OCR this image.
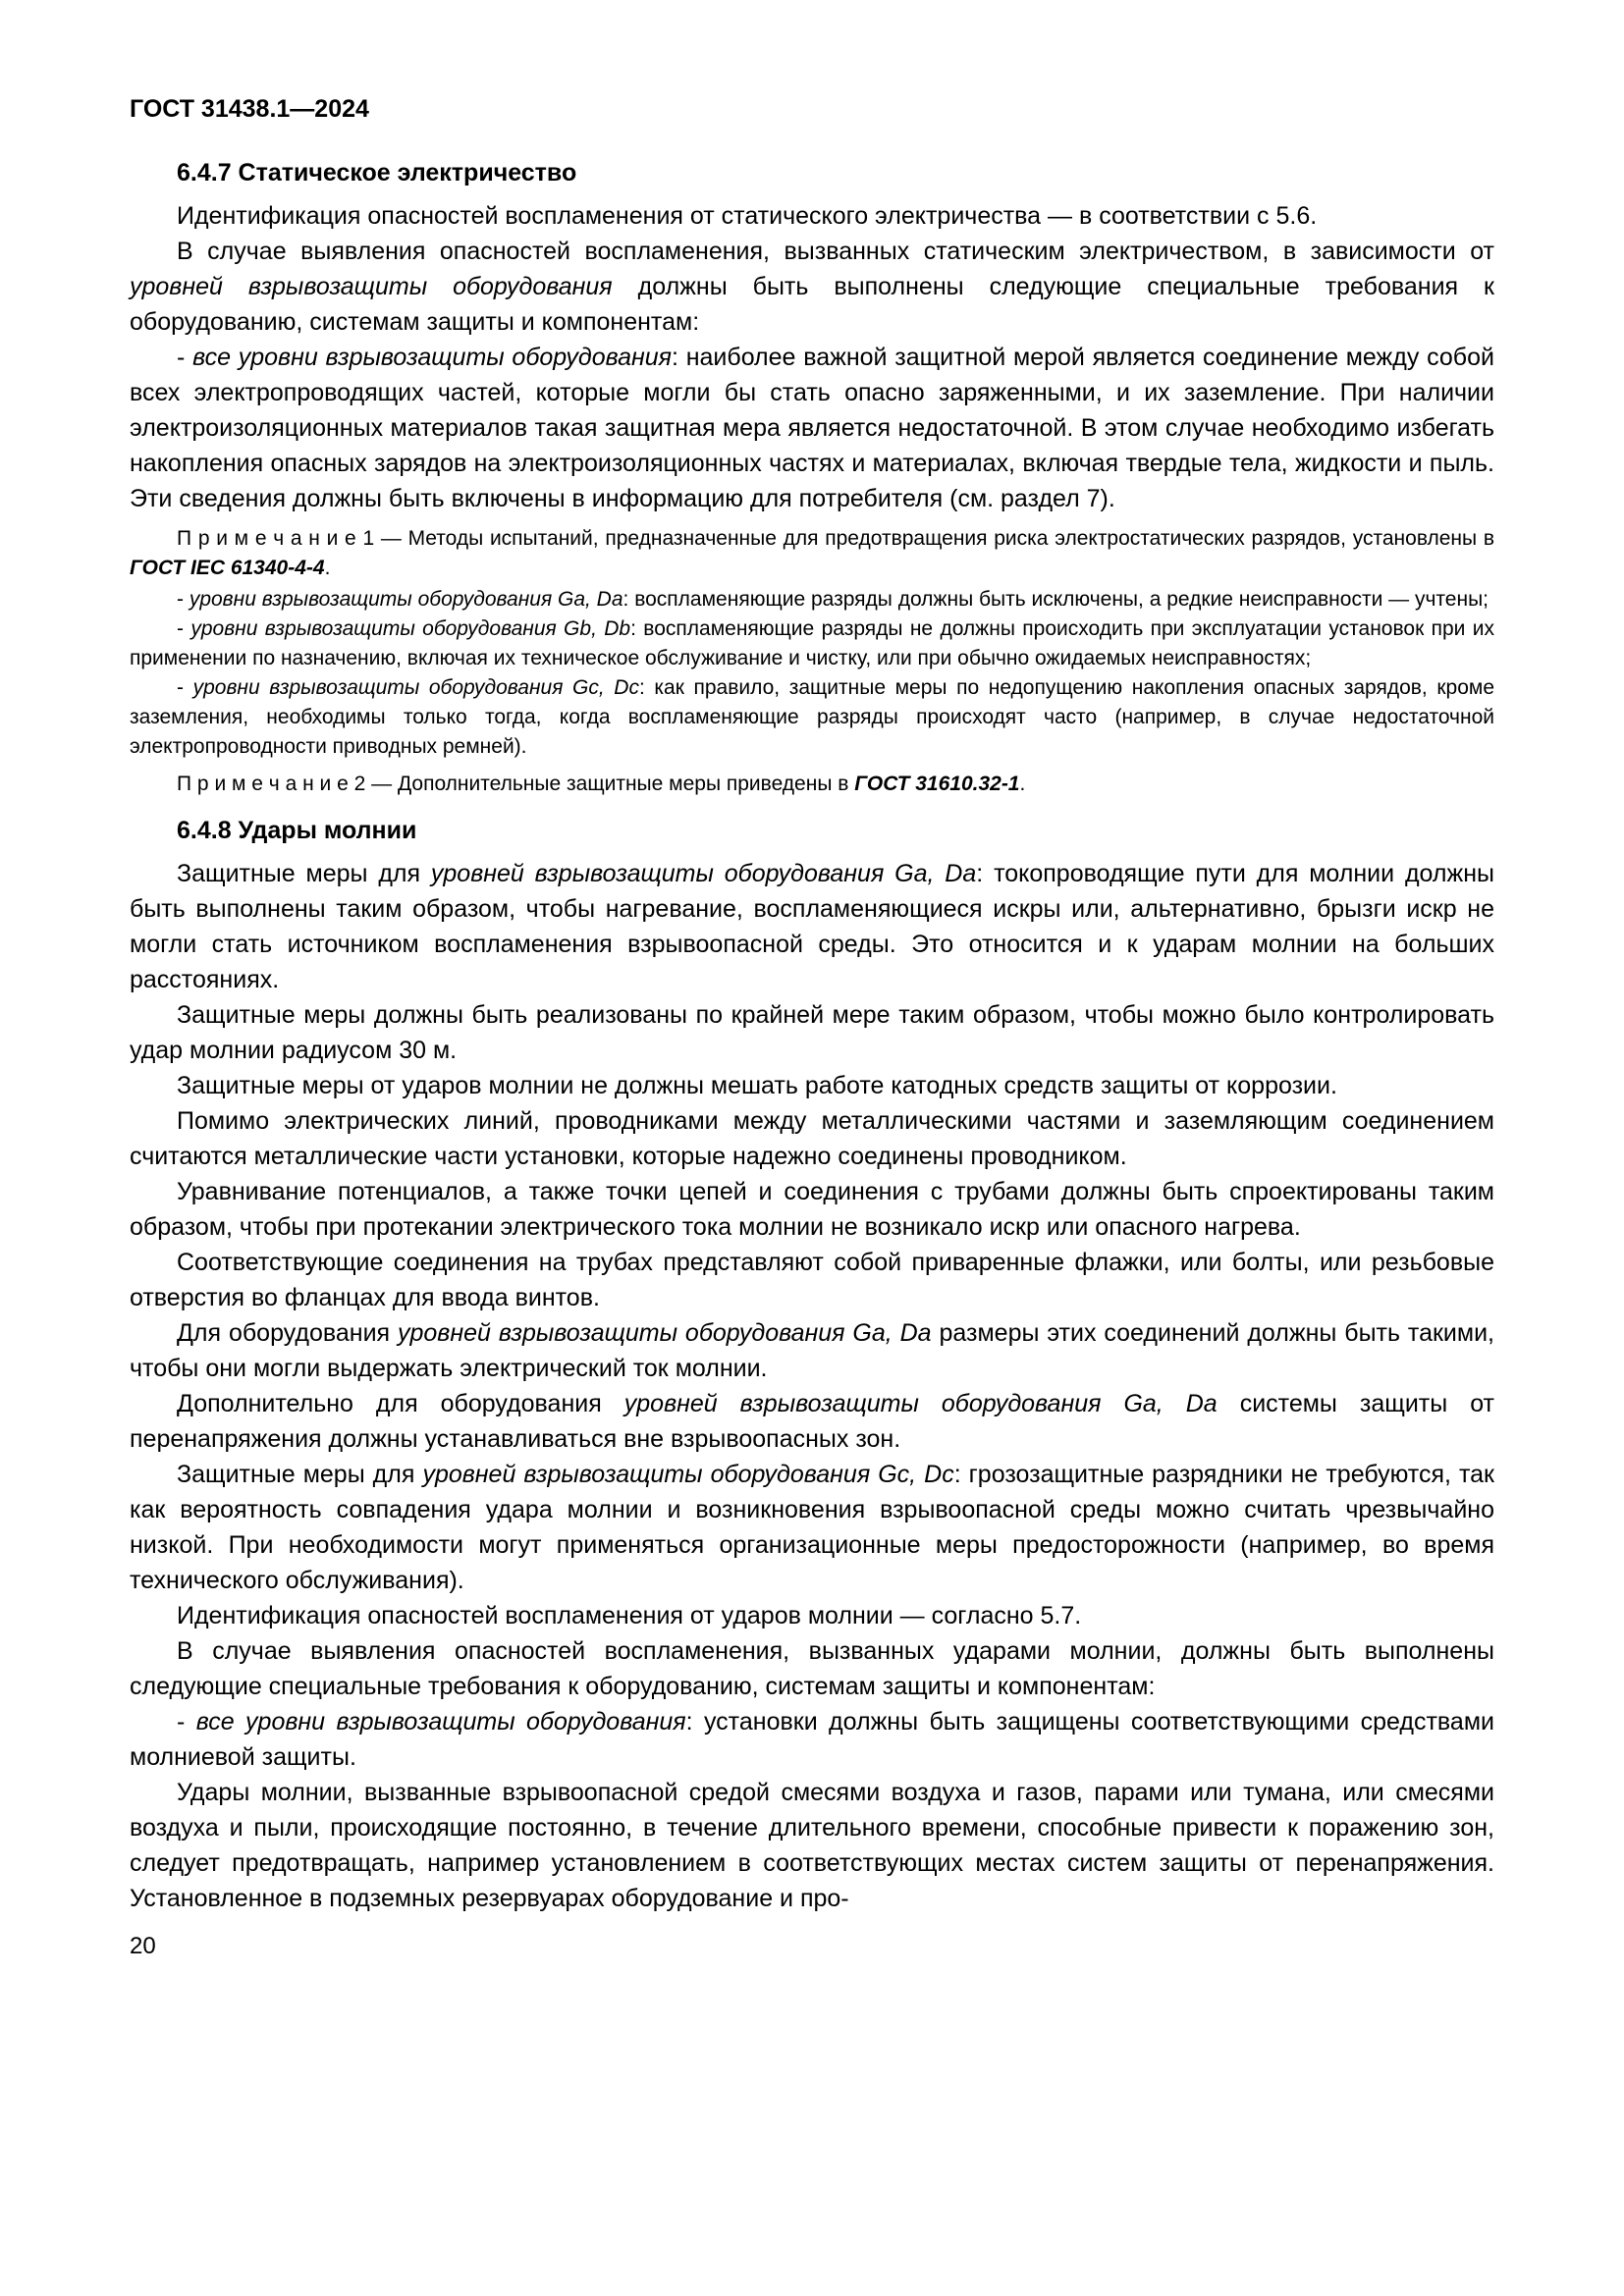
ГОСТ 31438.1—2024

6.4.7 Статическое электричество

Идентификация опасностей воспламенения от статического электричества — в соответствии с 5.6.

В случае выявления опасностей воспламенения, вызванных статическим электричеством, в зависимости от уровней взрывозащиты оборудования должны быть выполнены следующие специальные требования к оборудованию, системам защиты и компонентам:

- все уровни взрывозащиты оборудования: наиболее важной защитной мерой является соединение между собой всех электропроводящих частей, которые могли бы стать опасно заряженными, и их заземление. При наличии электроизоляционных материалов такая защитная мера является недостаточной. В этом случае необходимо избегать накопления опасных зарядов на электроизоляционных частях и материалах, включая твердые тела, жидкости и пыль. Эти сведения должны быть включены в информацию для потребителя (см. раздел 7).

П р и м е ч а н и е 1 — Методы испытаний, предназначенные для предотвращения риска электростатических разрядов, установлены в ГОСТ IEC 61340-4-4.

- уровни взрывозащиты оборудования Ga, Da: воспламеняющие разряды должны быть исключены, а редкие неисправности — учтены;

- уровни взрывозащиты оборудования Gb, Db: воспламеняющие разряды не должны происходить при эксплуатации установок при их применении по назначению, включая их техническое обслуживание и чистку, или при обычно ожидаемых неисправностях;

- уровни взрывозащиты оборудования Gc, Dc: как правило, защитные меры по недопущению накопления опасных зарядов, кроме заземления, необходимы только тогда, когда воспламеняющие разряды происходят часто (например, в случае недостаточной электропроводности приводных ремней).

П р и м е ч а н и е 2 — Дополнительные защитные меры приведены в ГОСТ 31610.32-1.

6.4.8 Удары молнии

Защитные меры для уровней взрывозащиты оборудования Ga, Da: токопроводящие пути для молнии должны быть выполнены таким образом, чтобы нагревание, воспламеняющиеся искры или, альтернативно, брызги искр не могли стать источником воспламенения взрывоопасной среды. Это относится и к ударам молнии на больших расстояниях.

Защитные меры должны быть реализованы по крайней мере таким образом, чтобы можно было контролировать удар молнии радиусом 30 м.

Защитные меры от ударов молнии не должны мешать работе катодных средств защиты от коррозии.

Помимо электрических линий, проводниками между металлическими частями и заземляющим соединением считаются металлические части установки, которые надежно соединены проводником.

Уравнивание потенциалов, а также точки цепей и соединения с трубами должны быть спроектированы таким образом, чтобы при протекании электрического тока молнии не возникало искр или опасного нагрева.

Соответствующие соединения на трубах представляют собой приваренные флажки, или болты, или резьбовые отверстия во фланцах для ввода винтов.

Для оборудования уровней взрывозащиты оборудования Ga, Da размеры этих соединений должны быть такими, чтобы они могли выдержать электрический ток молнии.

Дополнительно для оборудования уровней взрывозащиты оборудования Ga, Da системы защиты от перенапряжения должны устанавливаться вне взрывоопасных зон.

Защитные меры для уровней взрывозащиты оборудования Gc, Dc: грозозащитные разрядники не требуются, так как вероятность совпадения удара молнии и возникновения взрывоопасной среды можно считать чрезвычайно низкой. При необходимости могут применяться организационные меры предосторожности (например, во время технического обслуживания).

Идентификация опасностей воспламенения от ударов молнии — согласно 5.7.

В случае выявления опасностей воспламенения, вызванных ударами молнии, должны быть выполнены следующие специальные требования к оборудованию, системам защиты и компонентам:

- все уровни взрывозащиты оборудования: установки должны быть защищены соответствующими средствами молниевой защиты.

Удары молнии, вызванные взрывоопасной средой смесями воздуха и газов, парами или тумана, или смесями воздуха и пыли, происходящие постоянно, в течение длительного времени, способные привести к поражению зон, следует предотвращать, например установлением в соответствующих местах систем защиты от перенапряжения. Установленное в подземных резервуарах оборудование и про-

20
